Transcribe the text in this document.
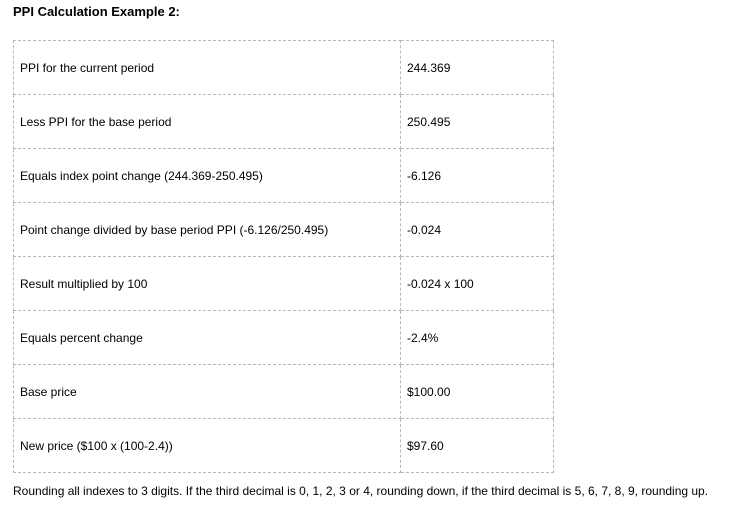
PPI Calculation Example 2:
PPI for the current period	244.369
Less PPI for the base period	250.495
Equals index point change (244.369-250.495)	-6.126
Point change divided by base period PPI (-6.126/250.495)	-0.024
Result multiplied by 100	-0.024 x 100
Equals percent change	-2.4%
Base price	$100.00
New price ($100 x (100-2.4))	$97.60
Rounding all indexes to 3 digits. If the third decimal is 0, 1, 2, 3 or 4, rounding down, if the third decimal is 5, 6, 7, 8, 9, rounding up.
